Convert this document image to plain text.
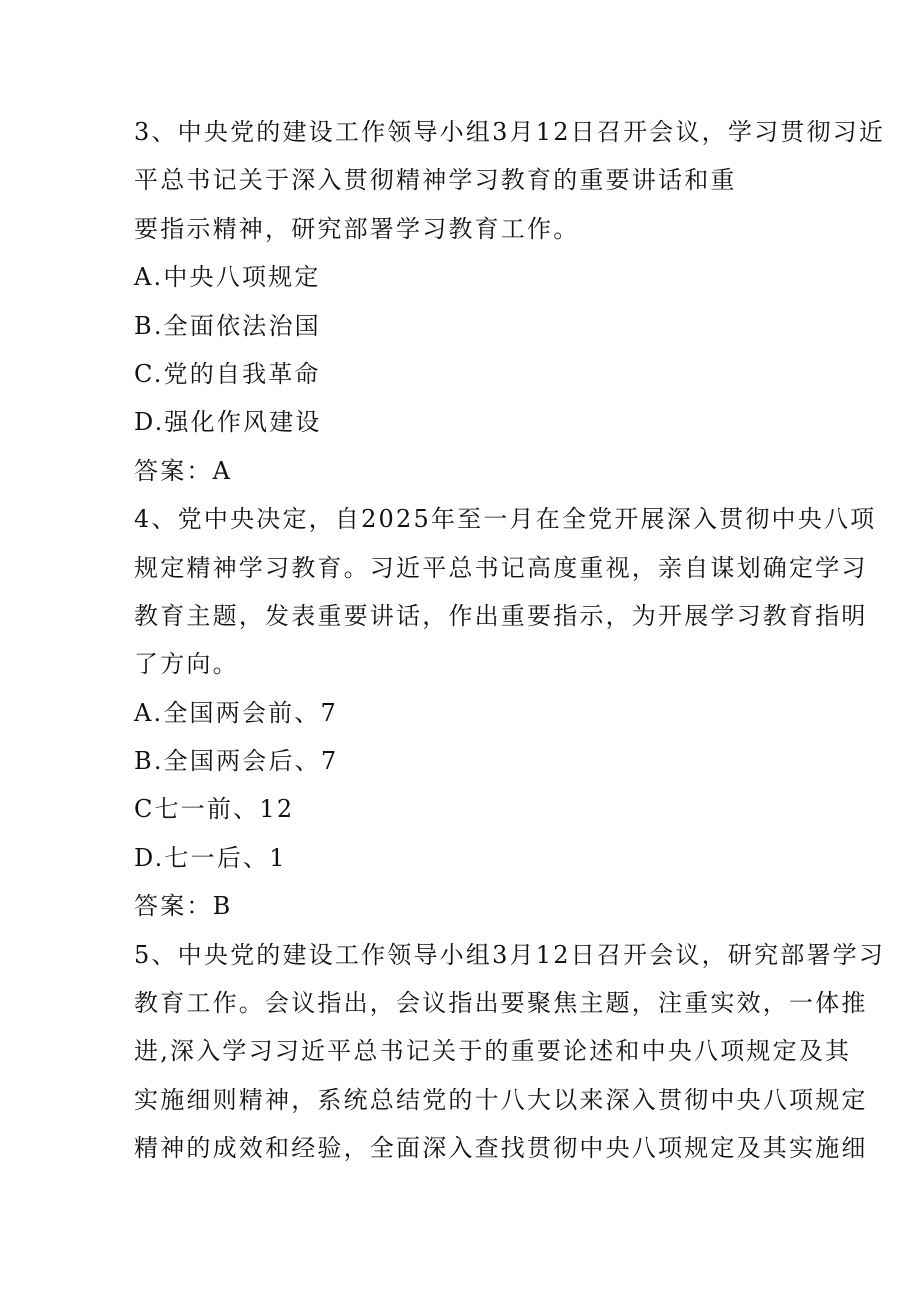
3、中央党的建设工作领导小组3月12日召开会议，学习贯彻习近
平总书记关于深入贯彻精神学习教育的重要讲话和重
要指示精神，研究部署学习教育工作。
A.中央八项规定
B.全面依法治国
C.党的自我革命
D.强化作风建设
答案：A
4、党中央决定，自2025年至一月在全党开展深入贯彻中央八项
规定精神学习教育。习近平总书记高度重视，亲自谋划确定学习
教育主题，发表重要讲话，作出重要指示，为开展学习教育指明
了方向。
A.全国两会前、7
B.全国两会后、7
C七一前、12
D.七一后、1
答案：B
5、中央党的建设工作领导小组3月12日召开会议，研究部署学习
教育工作。会议指出，会议指出要聚焦主题，注重实效，一体推
进,深入学习习近平总书记关于的重要论述和中央八项规定及其
实施细则精神，系统总结党的十八大以来深入贯彻中央八项规定
精神的成效和经验，全面深入查找贯彻中央八项规定及其实施细
